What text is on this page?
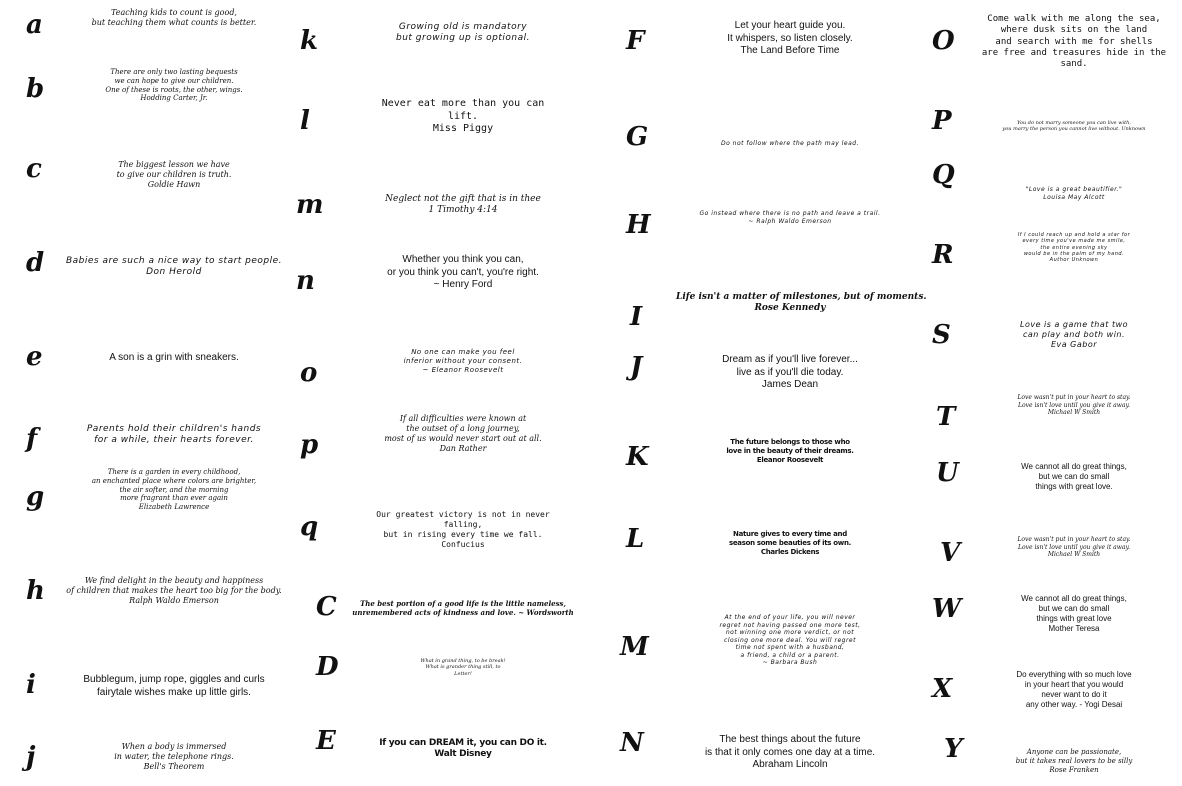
a
b
c
d
e
f
g
h
i
j
Teaching kids to count is good,
but teaching them what counts is better.
There are only two lasting bequests
we can hope to give our children.
One of these is roots, the other, wings.
Hodding Carter, Jr.
The biggest lesson we have
to give our children is truth.
Goldie Hawn
Babies are such a nice way to start people.
Don Herold
A son is a grin with sneakers.
Parents hold their children's hands
for a while, their hearts forever.
There is a garden in every childhood,
an enchanted place where colors are brighter,
the air softer, and the morning
more fragrant than ever again
Elizabeth Lawrence
We find delight in the beauty and happiness
of children that makes the heart too big for the body.
Ralph Waldo Emerson
Bubblegum, jump rope, giggles and curls
fairytale wishes make up little girls.
When a body is immersed
in water, the telephone rings.
Bell's Theorem
k
l
m
n
o
p
q
C
D
E
Growing old is mandatory
but growing up is optional.
Never eat more than you can
lift.
Miss Piggy
Neglect not the gift that is in thee
1 Timothy 4:14
Whether you think you can,
or you think you can't, you're right.
~ Henry Ford
No one can make you feel
inferior without your consent.
~ Eleanor Roosevelt
If all difficulties were known at
the outset of a long journey,
most of us would never start out at all.
Dan Rather
Our greatest victory is not in never
falling,
but in rising every time we fall.
Confucius
The best portion of a good life is the little nameless,
unremembered acts of kindness and love. ~ Wordsworth
What in grand thing, to be break!
What is grander thing still, to
Letter!
If you can DREAM it, you can DO it.
Walt Disney
F
G
H
I
J
K
L
M
N
Let your heart guide you.
It whispers, so listen closely.
The Land Before Time
Do not follow where the path may lead.
Go instead where there is no path and leave a trail.
~ Ralph Waldo Emerson
Life isn't a matter of milestones, but of moments.
Rose Kennedy
Dream as if you'll live forever...
live as if you'll die today.
James Dean
The future belongs to those who
love in the beauty of their dreams.
Eleanor Roosevelt
Nature gives to every time and
season some beauties of its own.
Charles Dickens
At the end of your life, you will never
regret not having passed one more test,
not winning one more verdict, or not
closing one more deal. You will regret
time not spent with a husband,
a friend, a child or a parent.
~ Barbara Bush
The best things about the future
is that it only comes one day at a time.
Abraham Lincoln
O
P
Q
R
S
T
U
V
W
X
Y
Come walk with me along the sea,
where dusk sits on the land
and search with me for shells
are free and treasures hide in the
sand.
You do not marry someone you can live with,
you marry the person you cannot live without. Unknown
"Love is a great beautifier."
Louisa May Alcott
If I could reach up and hold a star for
every time you've made me smile,
the entire evening sky
would be in the palm of my hand.
Author Unknown
Love is a game that two
can play and both win.
Eva Gabor
Love wasn't put in your heart to stay.
Love isn't love until you give it away.
Michael W Smith
We cannot all do great things,
but we can do small
things with great love.
Love wasn't put in your heart to stay.
Love isn't love until you give it away.
Michael W Smith
We cannot all do great things,
but we can do small
things with great love
Mother Teresa
Do everything with so much love
in your heart that you would
never want to do it
any other way. - Yogi Desai
Anyone can be passionate,
but it takes real lovers to be silly
Rose Franken
